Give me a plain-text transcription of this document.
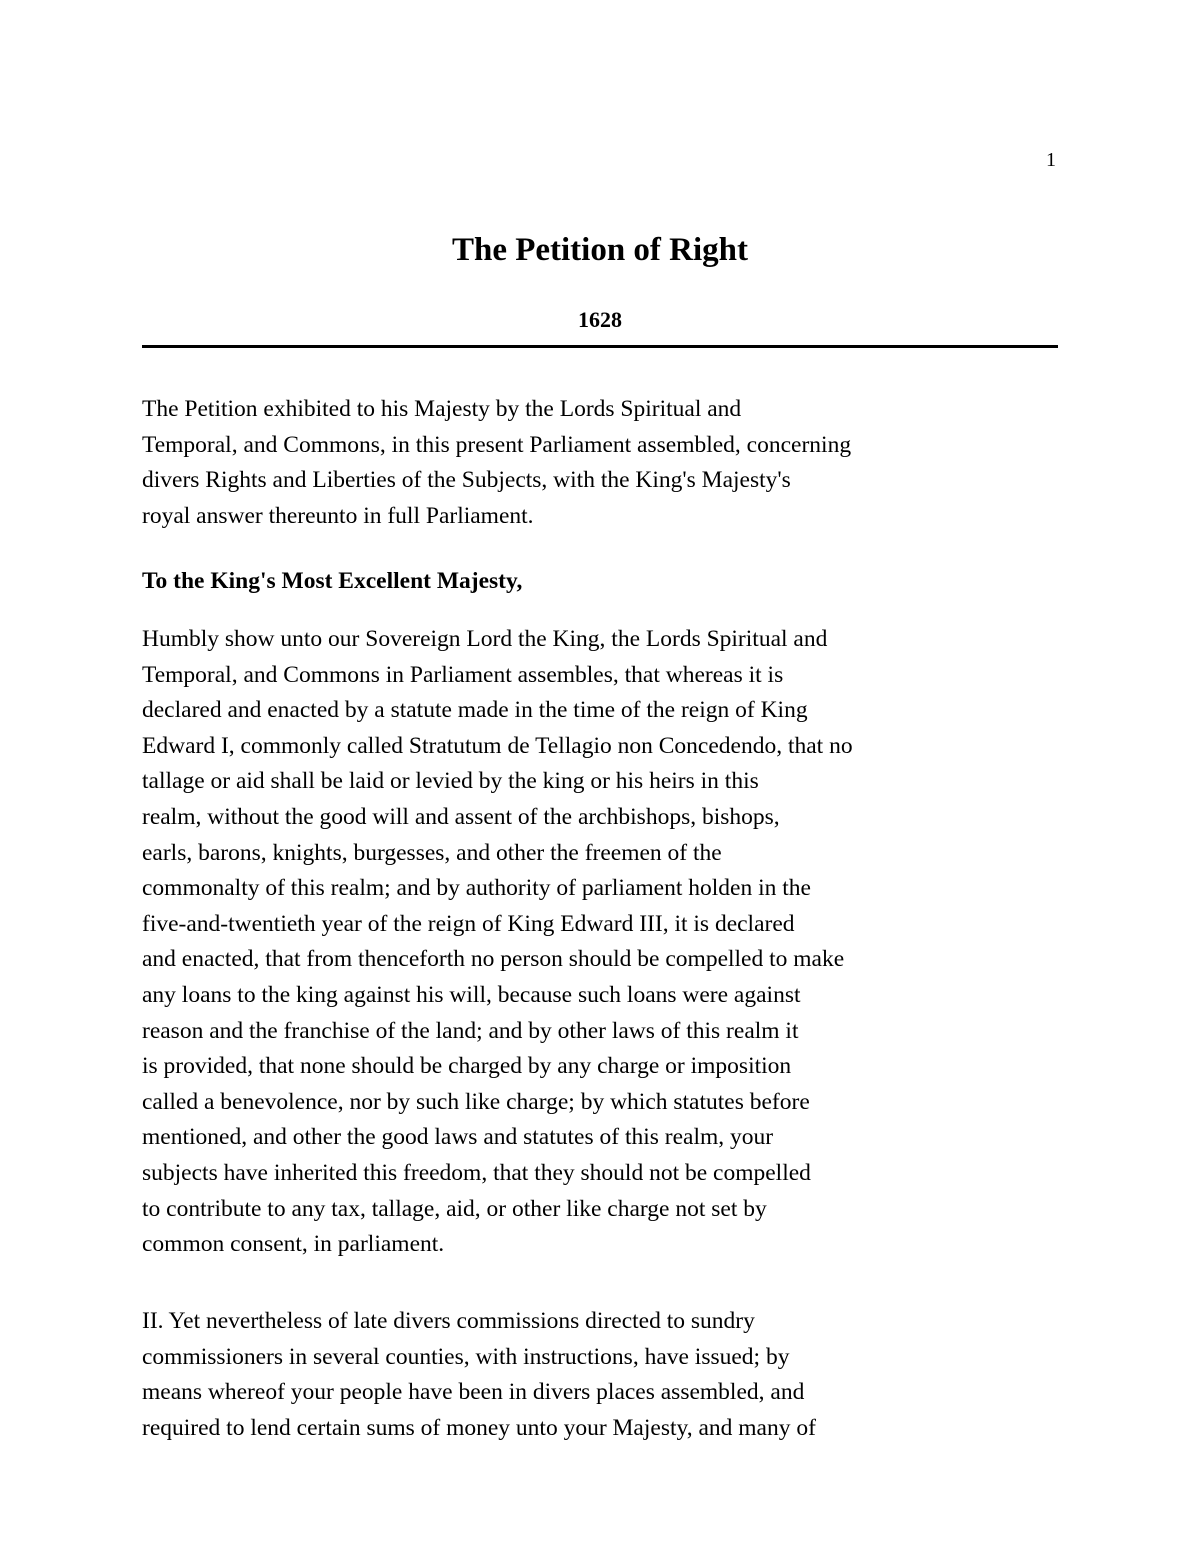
1
The Petition of Right
1628
The Petition exhibited to his Majesty by the Lords Spiritual and
Temporal, and Commons, in this present Parliament assembled, concerning
divers Rights and Liberties of the Subjects, with the King's Majesty's
royal answer thereunto in full Parliament.
To the King's Most Excellent Majesty,
Humbly show unto our Sovereign Lord the King, the Lords Spiritual and
Temporal, and Commons in Parliament assembles, that whereas it is
declared and enacted by a statute made in the time of the reign of King
Edward I, commonly called Stratutum de Tellagio non Concedendo, that no
tallage or aid shall be laid or levied by the king or his heirs in this
realm, without the good will and assent of the archbishops, bishops,
earls, barons, knights, burgesses, and other the freemen of the
commonalty of this realm; and by authority of parliament holden in the
five-and-twentieth year of the reign of King Edward III, it is declared
and enacted, that from thenceforth no person should be compelled to make
any loans to the king against his will, because such loans were against
reason and the franchise of the land; and by other laws of this realm it
is provided, that none should be charged by any charge or imposition
called a benevolence, nor by such like charge; by which statutes before
mentioned, and other the good laws and statutes of this realm, your
subjects have inherited this freedom, that they should not be compelled
to contribute to any tax, tallage, aid, or other like charge not set by
common consent, in parliament.
II. Yet nevertheless of late divers commissions directed to sundry
commissioners in several counties, with instructions, have issued; by
means whereof your people have been in divers places assembled, and
required to lend certain sums of money unto your Majesty, and many of
